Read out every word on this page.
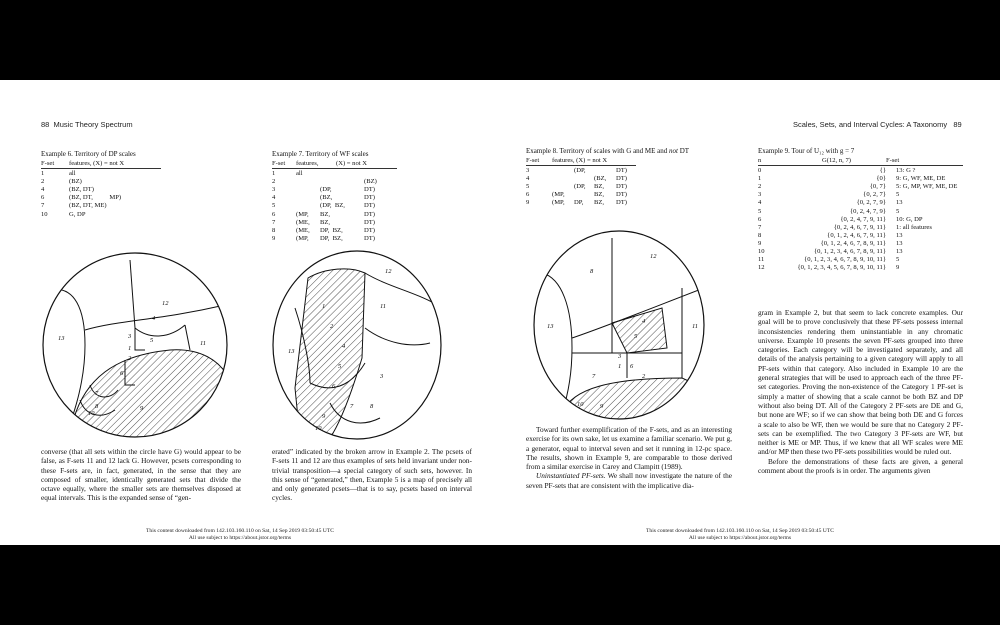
88 Music Theory Spectrum
Example 6. Territory of DP scales
F-set features, (X) = not X
1	all
2	(BZ)
4	(BZ, DT)
6	(BZ, DT,          MP)
7	(BZ, DT, ME)
10	G, DP
Example 7. Territory of WF scales
F-set features,	(X) = not X
1	all
2	(BZ)
3	(DP,	DT)
4	(BZ,	DT)
5	(DP,  BZ,	DT)
6	(MP, BZ,	DT)
7	(ME, BZ,	DT)
8	(ME, DP,  BZ,	DT)
9	(MP, DP,  BZ,	DT)
12
4
13	5	11
3
1
2
6
7
8	9
10
12
11
13
4
5
3
1
2
6
7	8
9
10
converse (that all sets within the circle have G) would appear to be false, as F-sets 11 and 12 lack G. However, pcsets corresponding to these F-sets are, in fact, generated, in the sense that they are composed of smaller, identically generated sets that divide the octave equally, where the smaller sets are themselves disposed at equal intervals. This is the expanded sense of “gen-
erated” indicated by the broken arrow in Example 2. The pcsets of F-sets 11 and 12 are thus examples of sets held invariant under non-trivial transposition—a special category of such sets, however. In this sense of “generated,” then, Example 5 is a map of precisely all and only generated pcsets—that is to say, pcsets based on interval cycles.
This content downloaded from 142.103.160.110 on Sat, 14 Sep 2019 03:50:45 UTC
All use subject to https://about.jstor.org/terms
Scales, Sets, and Interval Cycles: A Taxonomy 89
Example 8. Territory of scales with G and ME and not DT
F-set features, (X) = not X
3	(DP,	DT)
4	(BZ, DT)
5	(DP, BZ, DT)
6	(MP,	BZ, DT)
9	(MP, DP, BZ, DT)
12
8
13
4
5
11
3
1
7	2
6
10	9
Example 9. Tour of U₁₂ with g = 7
n	G(12, n, 7)	F-set
0	{} 13: G ?
1	{0} 9: G, WF, ME, DE
2	{0, 7} 5: G, MP, WF, ME, DE
3	{0, 2, 7} 5
4	{0, 2, 7, 9} 13
5	{0, 2, 4, 7, 9} 5
6	{0, 2, 4, 7, 9, 11} 10: G, DP
7	{0, 2, 4, 6, 7, 9, 11} 1: all features
8	{0, 1, 2, 4, 6, 7, 9, 11} 13
9	{0, 1, 2, 4, 6, 7, 8, 9, 11} 13
10	{0, 1, 2, 3, 4, 6, 7, 8, 9, 11} 13
11	{0, 1, 2, 3, 4, 6, 7, 8, 9, 10, 11} 5
12	{0, 1, 2, 3, 4, 5, 6, 7, 8, 9, 10, 11} 9

Toward further exemplification of the F-sets, and as an interesting exercise for its own sake, let us examine a familiar scenario. We put g, a generator, equal to interval seven and set it running in 12-pc space. The results, shown in Example 9, are comparable to those derived from a similar exercise in Carey and Clampitt (1989).

Uninstantiated PF-sets. We shall now investigate the nature of the seven PF-sets that are consistent with the implicative dia-

gram in Example 2, but that seem to lack concrete examples. Our goal will be to prove conclusively that these PF-sets possess internal inconsistencies rendering them uninstantiable in any chromatic universe. Example 10 presents the seven PF-sets grouped into three categories. Each category will be investigated separately, and all details of the analysis pertaining to a given category will apply to all PF-sets within that category. Also included in Example 10 are the general strategies that will be used to approach each of the three PF-set categories. Proving the non-existence of the Category 1 PF-set is simply a matter of showing that a scale cannot be both BZ and DP without also being DT. All of the Category 2 PF-sets are DE and G, but none are WF; so if we can show that being both DE and G forces a scale to also be WF, then we would be sure that no Category 2 PF-sets can be exemplified. The two Category 3 PF-sets are WF, but neither is ME or MP. Thus, if we knew that all WF scales were ME and/or MP then these two PF-sets possibilities would be ruled out.

Before the demonstrations of these facts are given, a general comment about the proofs is in order. The arguments given

This content downloaded from 142.103.160.110 on Sat, 14 Sep 2019 03:50:45 UTC
All use subject to https://about.jstor.org/terms
